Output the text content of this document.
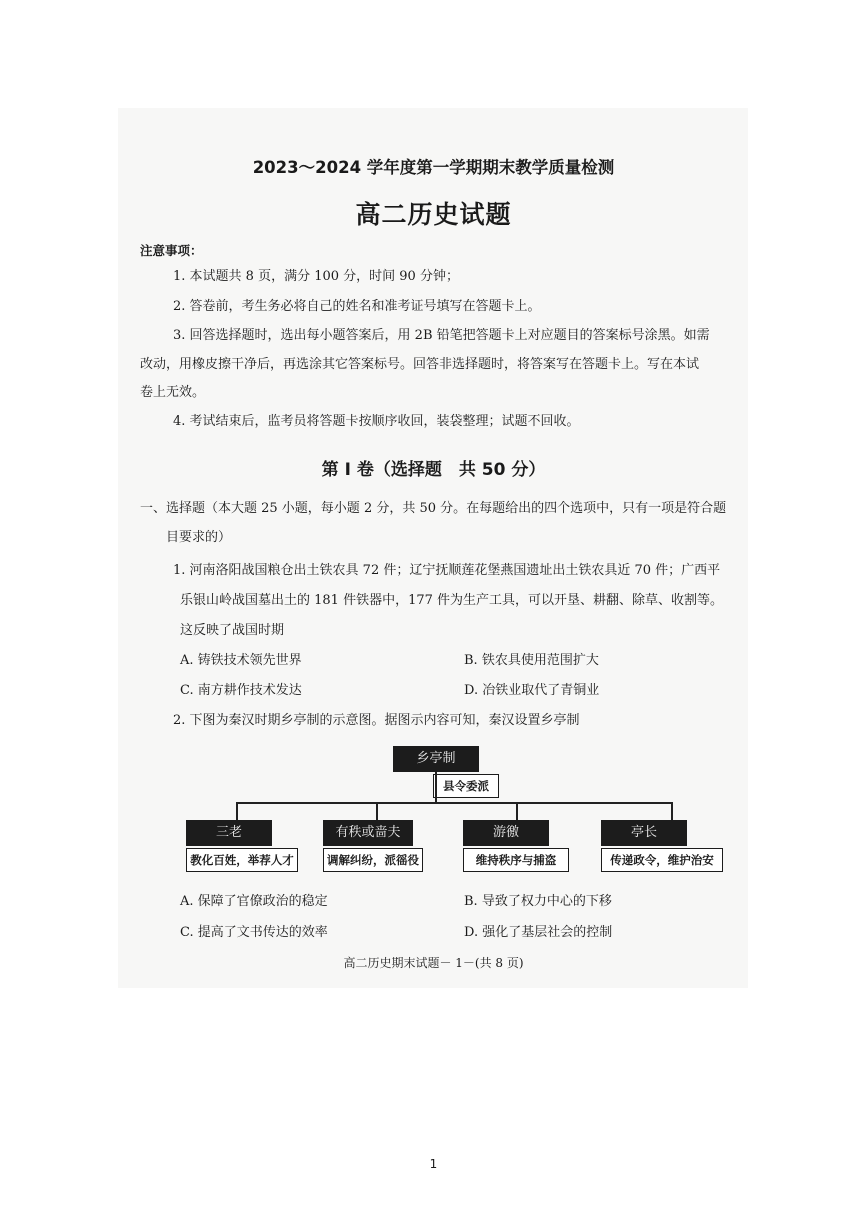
2023～2024 学年度第一学期期末教学质量检测
高二历史试题
注意事项：
1. 本试题共 8 页，满分 100 分，时间 90 分钟；
2. 答卷前，考生务必将自己的姓名和准考证号填写在答题卡上。
3. 回答选择题时，选出每小题答案后，用 2B 铅笔把答题卡上对应题目的答案标号涂黑。如需
改动，用橡皮擦干净后，再选涂其它答案标号。回答非选择题时，将答案写在答题卡上。写在本试
卷上无效。
4. 考试结束后，监考员将答题卡按顺序收回，装袋整理；试题不回收。
第 Ⅰ 卷（选择题　共 50 分）
一、选择题（本大题 25 小题，每小题 2 分，共 50 分。在每题给出的四个选项中，只有一项是符合题
目要求的）
1. 河南洛阳战国粮仓出土铁农具 72 件；辽宁抚顺莲花堡燕国遗址出土铁农具近 70 件；广西平
乐银山岭战国墓出土的 181 件铁器中，177 件为生产工具，可以开垦、耕翻、除草、收割等。
这反映了战国时期
A. 铸铁技术领先世界	B. 铁农具使用范围扩大
C. 南方耕作技术发达	D. 冶铁业取代了青铜业
2. 下图为秦汉时期乡亭制的示意图。据图示内容可知，秦汉设置乡亭制
乡亭制
县令委派
三老
教化百姓，举荐人才
有秩或啬夫
调解纠纷，派徭役
游徼
维持秩序与捕盗
亭长
传递政令，维护治安
A. 保障了官僚政治的稳定	B. 导致了权力中心的下移
C. 提高了文书传达的效率	D. 强化了基层社会的控制
高二历史期末试题－ 1－(共 8 页)
1
